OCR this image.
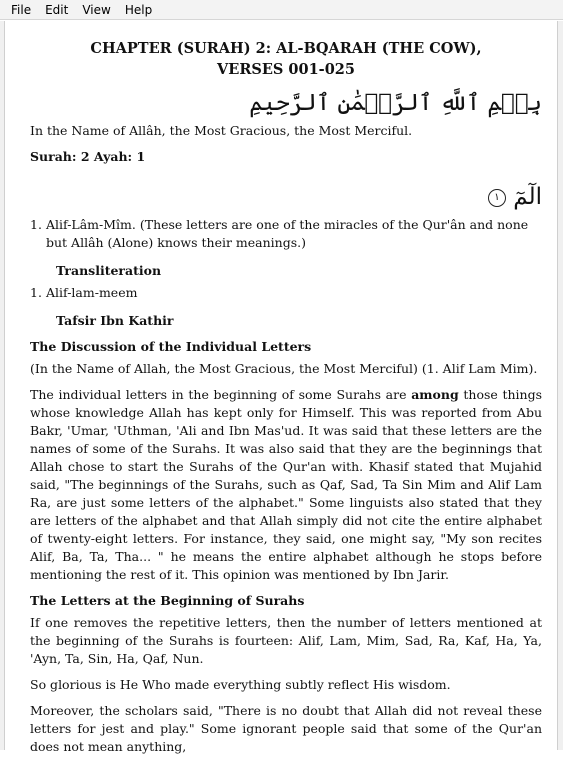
File	Edit	View	Help
CHAPTER (SURAH) 2: AL-BQARAH (THE COW),
VERSES 001-025
بِسۡمِ ٱللَّهِ ٱلرَّحۡمَٰنِ ٱلرَّحِيمِ

In the Name of Allâh, the Most Gracious, the Most Merciful.

Surah: 2 Ayah: 1

الٓمٓ ١
1. Alif-Lâm-Mîm. (These letters are one of the miracles of the Qur'ân and none but Allâh (Alone) knows their meanings.)
Transliteration
1. Alif-lam-meem
Tafsir Ibn Kathir
The Discussion of the Individual Letters

(In the Name of Allah, the Most Gracious, the Most Merciful) (1. Alif Lam Mim).

The individual letters in the beginning of some Surahs are among those things whose knowledge Allah has kept only for Himself. This was reported from Abu Bakr, 'Umar, 'Uthman, 'Ali and Ibn Mas'ud. It was said that these letters are the names of some of the Surahs. It was also said that they are the beginnings that Allah chose to start the Surahs of the Qur'an with. Khasif stated that Mujahid said, "The beginnings of the Surahs, such as Qaf, Sad, Ta Sin Mim and Alif Lam Ra, are just some letters of the alphabet." Some linguists also stated that they are letters of the alphabet and that Allah simply did not cite the entire alphabet of twenty-eight letters. For instance, they said, one might say, "My son recites Alif, Ba, Ta, Tha... " he means the entire alphabet although he stops before mentioning the rest of it. This opinion was mentioned by Ibn Jarir.

The Letters at the Beginning of Surahs

If one removes the repetitive letters, then the number of letters mentioned at the beginning of the Surahs is fourteen: Alif, Lam, Mim, Sad, Ra, Kaf, Ha, Ya, 'Ayn, Ta, Sin, Ha, Qaf, Nun.

So glorious is He Who made everything subtly reflect His wisdom.

Moreover, the scholars said, "There is no doubt that Allah did not reveal these letters for jest and play." Some ignorant people said that some of the Qur'an does not mean anything,
